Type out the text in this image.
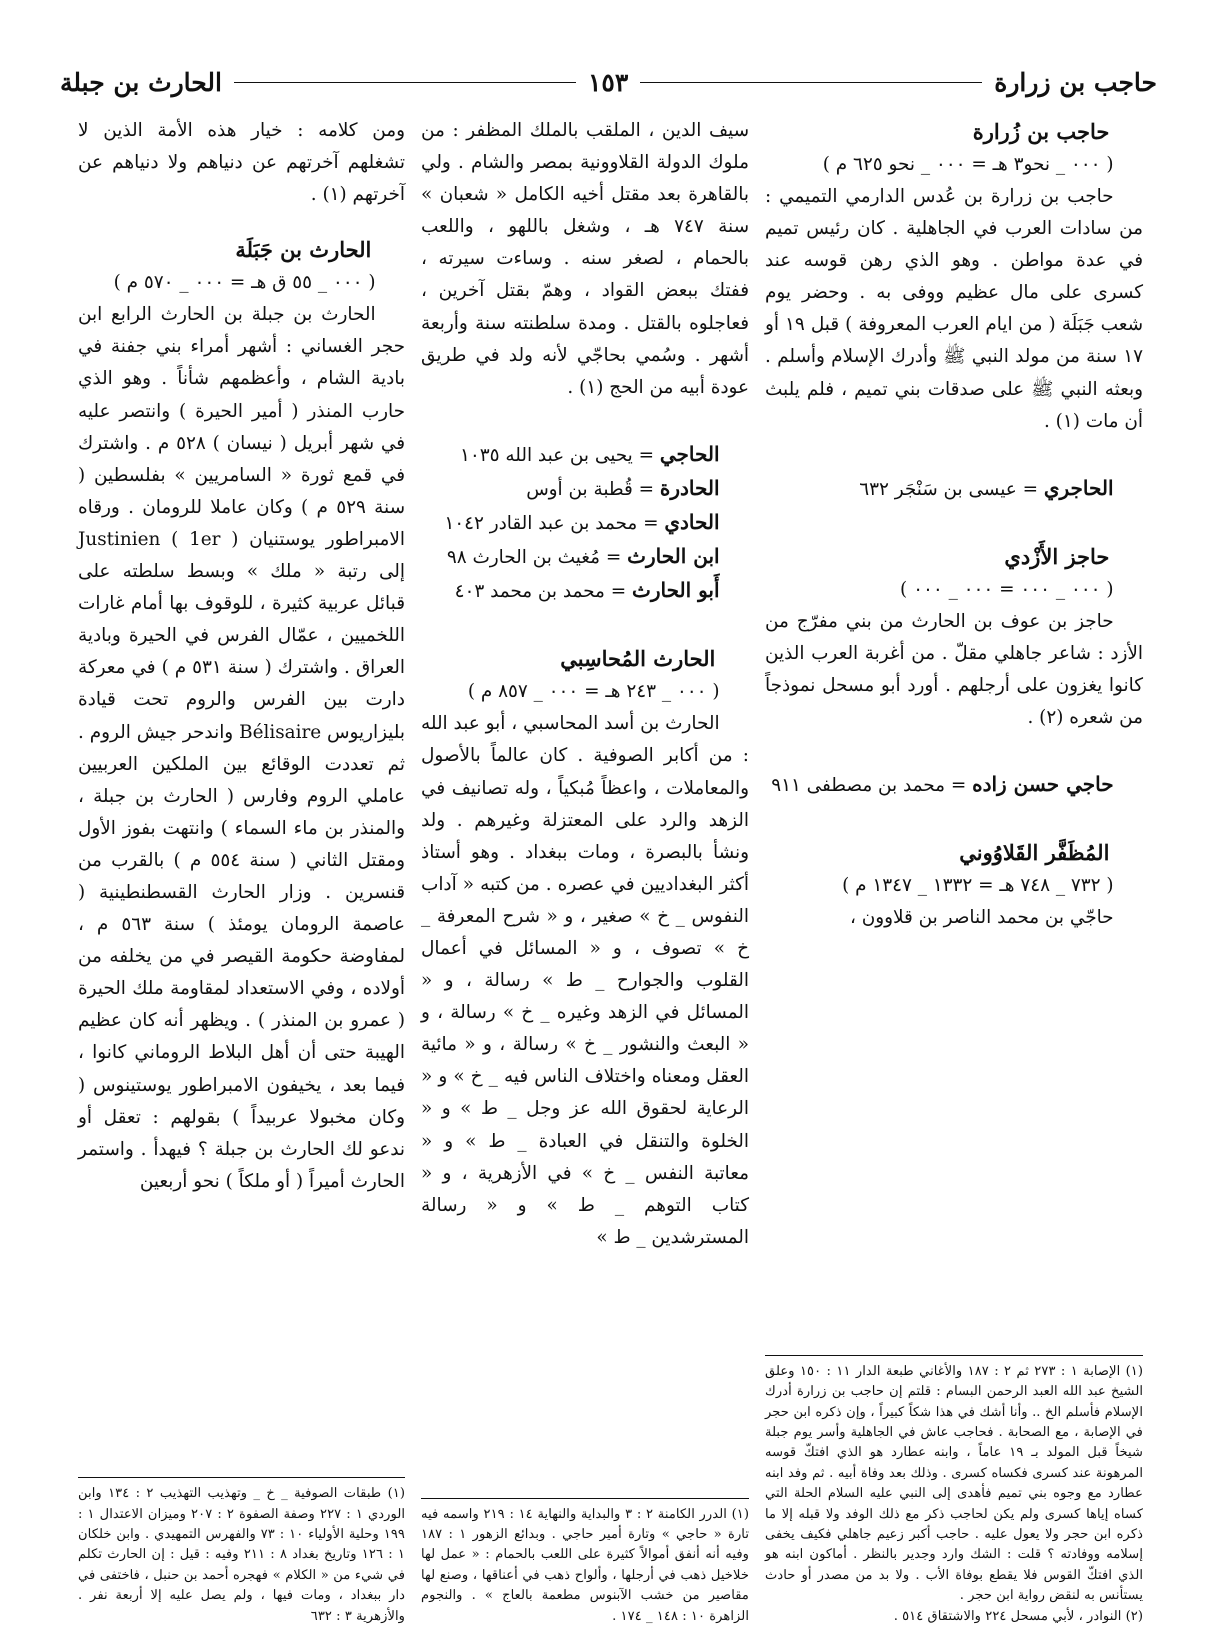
حاجب بن زرارة
١٥٣
الحارث بن جبلة

حاجب بن زُرارة

( ٠٠٠ _ نحو٣ هـ = ٠٠٠ _ نحو ٦٢٥ م )

حاجب بن زرارة بن عُدس الدارمي التميمي : من سادات العرب في الجاهلية . كان رئيس تميم في عدة مواطن . وهو الذي رهن قوسه عند كسرى على مال عظيم ووفى به . وحضر يوم شعب جَبَلَة ( من ايام العرب المعروفة ) قبل ١٩ أو ١٧ سنة من مولد النبي ﷺ وأدرك الإسلام وأسلم . وبعثه النبي ﷺ على صدقات بني تميم ، فلم يلبث أن مات (١) .

الحاجري = عيسى بن سَنْجَر ٦٣٢

حاجز الأَزْدي

( ٠٠٠ _ ٠٠٠ = ٠٠٠ _ ٠٠٠ )

حاجز بن عوف بن الحارث من بني مفرّج من الأزد : شاعر جاهلي مقلّ . من أغربة العرب الذين كانوا يغزون على أرجلهم . أورد أبو مسحل نموذجاً من شعره (٢) .

حاجي حسن زاده = محمد بن مصطفى ٩١١

المُظَفَّر القَلاوُوني

( ٧٣٢ _ ٧٤٨ هـ = ١٣٣٢ _ ١٣٤٧ م )

حاجّي بن محمد الناصر بن قلاوون ،

(١) الإصابة ١ : ٢٧٣ ثم ٢ : ١٨٧ والأغاني طبعة الدار ١١ : ١٥٠ وعلق الشيخ عبد الله العبد الرحمن البسام : قلتم إن حاجب بن زرارة أدرك الإسلام فأسلم الخ .. وأنا أشك في هذا شكاً كبيراً ، وإن ذكره ابن حجر في الإصابة ، مع الصحابة . فحاجب عاش في الجاهلية وأسر يوم جبلة شيخاً قبل المولد بـ ١٩ عاماً ، وابنه عطارد هو الذي افتكّ قوسه المرهونة عند كسرى فكساه كسرى . وذلك بعد وفاة أبيه . ثم وفد ابنه عطارد مع وجوه بني تميم فأهدى إلى النبي عليه السلام الحلة التي كساه إياها كسرى ولم يكن لحاجب ذكر مع ذلك الوفد ولا قبله إلا ما ذكره ابن حجر ولا يعول عليه . حاجب أكبر زعيم جاهلي فكيف يخفى إسلامه ووفادته ؟ قلت : الشك وارد وجدير بالنظر . أماكون ابنه هو الذي افتكّ القوس فلا يقطع بوفاة الأب . ولا بد من مصدر أو حادث يستأنس به لنقض رواية ابن حجر .

(٢) النوادر ، لأبي مسحل ٢٢٤ والاشتقاق ٥١٤ .

سيف الدين ، الملقب بالملك المظفر : من ملوك الدولة القلاوونية بمصر والشام . ولي بالقاهرة بعد مقتل أخيه الكامل « شعبان » سنة ٧٤٧ هـ ، وشغل باللهو ، واللعب بالحمام ، لصغر سنه . وساءت سيرته ، ففتك ببعض القواد ، وهمّ بقتل آخرين ، فعاجلوه بالقتل . ومدة سلطنته سنة وأربعة أشهر . وسُمي بحاجّي لأنه ولد في طريق عودة أبيه من الحج (١) .

الحاجي = يحيى بن عبد الله ١٠٣٥

الحادرة = قُطبة بن أوس

الحادي = محمد بن عبد القادر ١٠٤٢

ابن الحارث = مُغيث بن الحارث ٩٨

أَبو الحارث = محمد بن محمد ٤٠٣

الحارث المُحاسِبي

( ٠٠٠ _ ٢٤٣ هـ = ٠٠٠ _ ٨٥٧ م )

الحارث بن أسد المحاسبي ، أبو عبد الله : من أكابر الصوفية . كان عالماً بالأصول والمعاملات ، واعظاً مُبكياً ، وله تصانيف في الزهد والرد على المعتزلة وغيرهم . ولد ونشأ بالبصرة ، ومات ببغداد . وهو أستاذ أكثر البغداديين في عصره . من كتبه « آداب النفوس _ خ » صغير ، و « شرح المعرفة _ خ » تصوف ، و « المسائل في أعمال القلوب والجوارح _ ط » رسالة ، و « المسائل في الزهد وغيره _ خ » رسالة ، و « البعث والنشور _ خ » رسالة ، و « مائية العقل ومعناه واختلاف الناس فيه _ خ » و « الرعاية لحقوق الله عز وجل _ ط » و « الخلوة والتنقل في العبادة _ ط » و « معاتبة النفس _ خ » في الأزهرية ، و « كتاب التوهم _ ط » و « رسالة المسترشدين _ ط »

(١) الدرر الكامنة ٢ : ٣ والبداية والنهاية ١٤ : ٢١٩ واسمه فيه تارة « حاجي » وتارة أمير حاجي . وبدائع الزهور ١ : ١٨٧ وفيه أنه أنفق أموالاً كثيرة على اللعب بالحمام : « عمل لها خلاخيل ذهب في أرجلها ، وألواح ذهب في أعناقها ، وصنع لها مقاصير من خشب الآبنوس مطعمة بالعاج » . والنجوم الزاهرة ١٠ : ١٤٨ _ ١٧٤ .

ومن كلامه : خيار هذه الأمة الذين لا تشغلهم آخرتهم عن دنياهم ولا دنياهم عن آخرتهم (١) .

الحارث بن جَبَلَة

( ٠٠٠ _ ٥٥ ق هـ = ٠٠٠ _ ٥٧٠ م )

الحارث بن جبلة بن الحارث الرابع ابن حجر الغساني : أشهر أمراء بني جفنة في بادية الشام ، وأعظمهم شأناً . وهو الذي حارب المنذر ( أمير الحيرة ) وانتصر عليه في شهر أبريل ( نيسان ) ٥٢٨ م . واشترك في قمع ثورة « السامريين » بفلسطين ( سنة ٥٢٩ م ) وكان عاملا للرومان . ورقاه الامبراطور يوستنيان Justinien ( 1er ) إلى رتبة « ملك » وبسط سلطته على قبائل عربية كثيرة ، للوقوف بها أمام غارات اللخميين ، عمّال الفرس في الحيرة وبادية العراق . واشترك ( سنة ٥٣١ م ) في معركة دارت بين الفرس والروم تحت قيادة بليزاريوس Bélisaire واندحر جيش الروم . ثم تعددت الوقائع بين الملكين العربيين عاملي الروم وفارس ( الحارث بن جبلة ، والمنذر بن ماء السماء ) وانتهت بفوز الأول ومقتل الثاني ( سنة ٥٥٤ م ) بالقرب من قنسرين . وزار الحارث القسطنطينية ( عاصمة الرومان يومئذ ) سنة ٥٦٣ م ، لمفاوضة حكومة القيصر في من يخلفه من أولاده ، وفي الاستعداد لمقاومة ملك الحيرة ( عمرو بن المنذر ) . ويظهر أنه كان عظيم الهيبة حتى أن أهل البلاط الروماني كانوا ، فيما بعد ، يخيفون الامبراطور يوستينوس ( وكان مخبولا عربيداً ) بقولهم : تعقل أو ندعو لك الحارث بن جبلة ؟ فيهدأ . واستمر الحارث أميراً ( أو ملكاً ) نحو أربعين

(١) طبقات الصوفية _ خ _ وتهذيب التهذيب ٢ : ١٣٤ وابن الوردي ١ : ٢٢٧ وصفة الصفوة ٢ : ٢٠٧ وميزان الاعتدال ١ : ١٩٩ وحلية الأولياء ١٠ : ٧٣ والفهرس التمهيدي . وابن خلكان ١ : ١٢٦ وتاريخ بغداد ٨ : ٢١١ وفيه : قيل : إن الحارث تكلم في شيء من « الكلام » فهجره أحمد بن حنبل ، فاختفى في دار ببغداد ، ومات فيها ، ولم يصل عليه إلا أربعة نفر . والأزهرية ٣ : ٦٣٢
